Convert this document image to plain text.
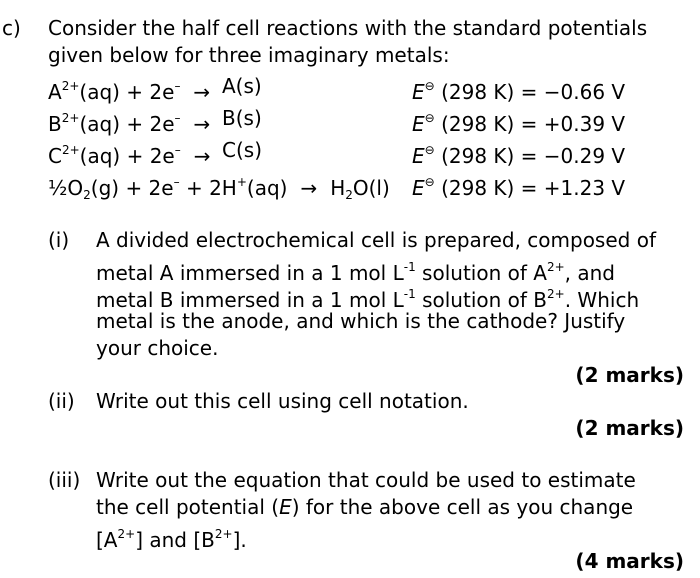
c) Consider the half cell reactions with the standard potentials
given below for three imaginary metals:
$A^{2+}(aq) + 2e^- \to A(s)$	E⊖ (298 K) = −0.66 V
$B^{2+}(aq) + 2e^- \to B(s)$	E⊖ (298 K) = +0.39 V
$C^{2+}(aq) + 2e^- \to C(s)$	E⊖ (298 K) = −0.29 V
$\frac{1}{2}O_2(g) + 2e^- + 2H^+(aq) \to H_2O(l)$ E⊖ (298 K) = +1.23 V
(i) A divided electrochemical cell is prepared, composed of
metal A immersed in a 1 mol $L^{-1}$ solution of $A^{2+}$, and
metal B immersed in a 1 mol $L^{-1}$ solution of $B^{2+}$. Which
metal is the anode, and which is the cathode? Justify
your choice.
(2 marks)
(ii) Write out this cell using cell notation.
(2 marks)
(iii) Write out the equation that could be used to estimate
the cell potential (E) for the above cell as you change
$[A^{2+}]$ and $[B^{2+}]$.
(4 marks)
